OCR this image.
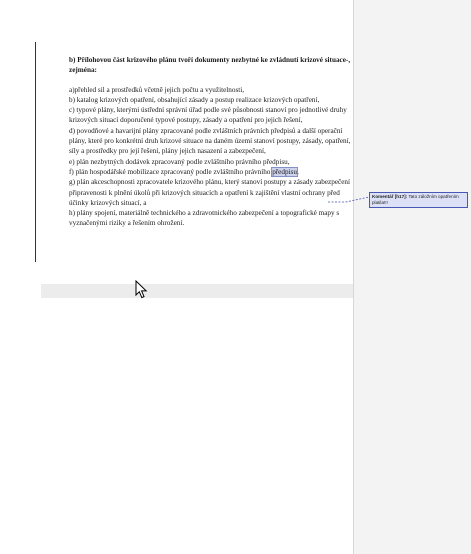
b) Přílohovou část krizového plánu tvoří dokumenty nezbytné ke zvládnutí krizové situace-, zejména:

a)přehled sil a prostředků včetně jejich počtu a využitelnosti,

b) katalog krizových opatření, obsahující zásady a postup realizace krizových opatření,

c) typové plány, kterými ústřední správní úřad podle své působnosti stanoví pro jednotlivé druhy krizových situací doporučené typové postupy, zásady a opatření pro jejich řešení,

d) povodňové a havarijní plány zpracované podle zvláštních právních předpisů a další operační plány, které pro konkrétní druh krizové situace na daném území stanoví postupy, zásady, opatření, síly a prostředky pro její řešení, plány jejich nasazení a zabezpečení,

e) plán nezbytných dodávek zpracovaný podle zvláštního právního předpisu,

f) plán hospodářské mobilizace zpracovaný podle zvláštního právního předpisu,

g) plán akceschopnosti zpracovatele krizového plánu, který stanoví postupy a zásady zabezpečení připravenosti k plnění úkolů při krizových situacích a opatření k zajištění vlastní ochrany před účinky krizových situací, a

h) plány spojení, materiálně technického a zdravotnického zabezpečení a topografické mapy s vyznačenými riziky a řešením ohrožení.

Komentář [h17]: Tato záložním opatřením platila!!!
